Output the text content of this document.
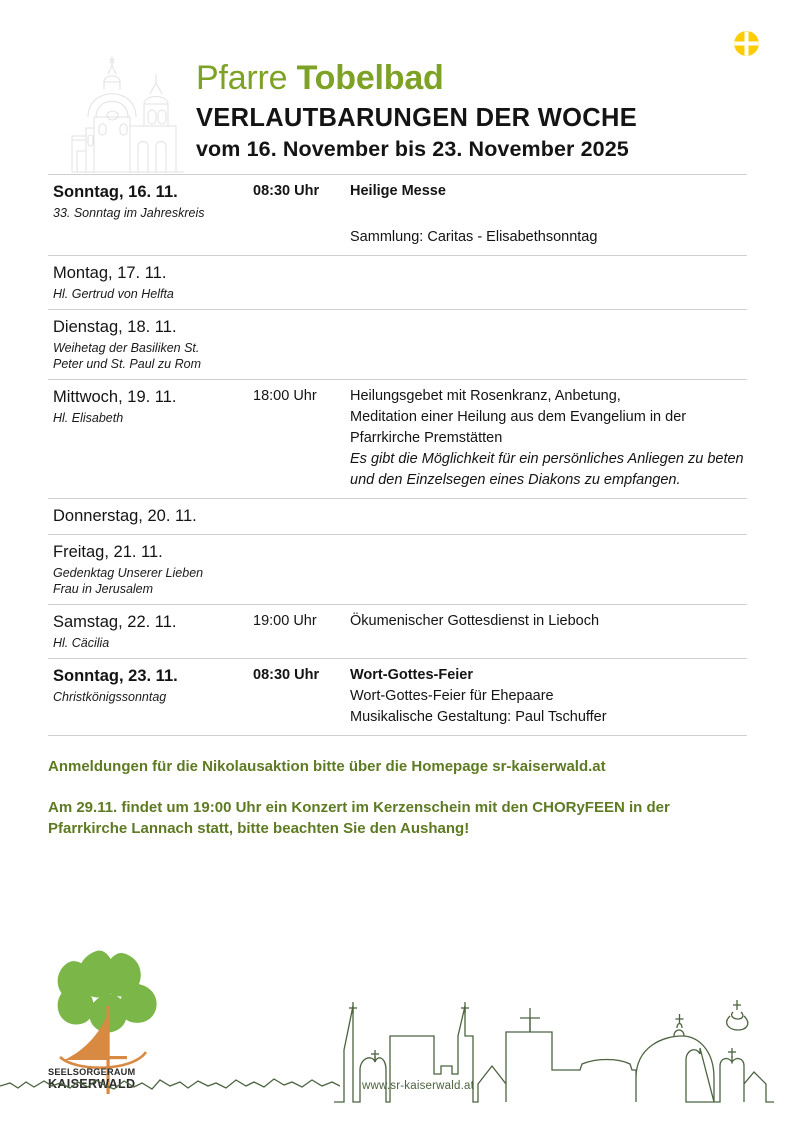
Pfarre Tobelbad
VERLAUTBARUNGEN DER WOCHE
vom 16. November bis 23. November 2025
Sonntag, 16. 11.
33. Sonntag im Jahreskreis
08:30 Uhr	Heilige Messe
Sammlung: Caritas - Elisabethsonntag
Montag, 17. 11.
Hl. Gertrud von Helfta
Dienstag, 18. 11.
Weihetag der Basiliken St.
Peter und St. Paul zu Rom
Mittwoch, 19. 11.
Hl. Elisabeth
18:00 Uhr	Heilungsgebet mit Rosenkranz, Anbetung,
Meditation einer Heilung aus dem Evangelium in der
Pfarrkirche Premstätten
Es gibt die Möglichkeit für ein persönliches Anliegen zu beten
und den Einzelsegen eines Diakons zu empfangen.
Donnerstag, 20. 11.
Freitag, 21. 11.
Gedenktag Unserer Lieben
Frau in Jerusalem
Samstag, 22. 11.
Hl. Cäcilia
19:00 Uhr	Ökumenischer Gottesdienst in Lieboch
Sonntag, 23. 11.
Christkönigssonntag
08:30 Uhr	Wort-Gottes-Feier
Wort-Gottes-Feier für Ehepaare
Musikalische Gestaltung: Paul Tschuffer
Anmeldungen für die Nikolausaktion bitte über die Homepage sr-kaiserwald.at
Am 29.11. findet um 19:00 Uhr ein Konzert im Kerzenschein mit den CHORyFEEN in der Pfarrkirche Lannach statt, bitte beachten Sie den Aushang!
SEELSORGERAUM
KAISERWALD	www.sr-kaiserwald.at
